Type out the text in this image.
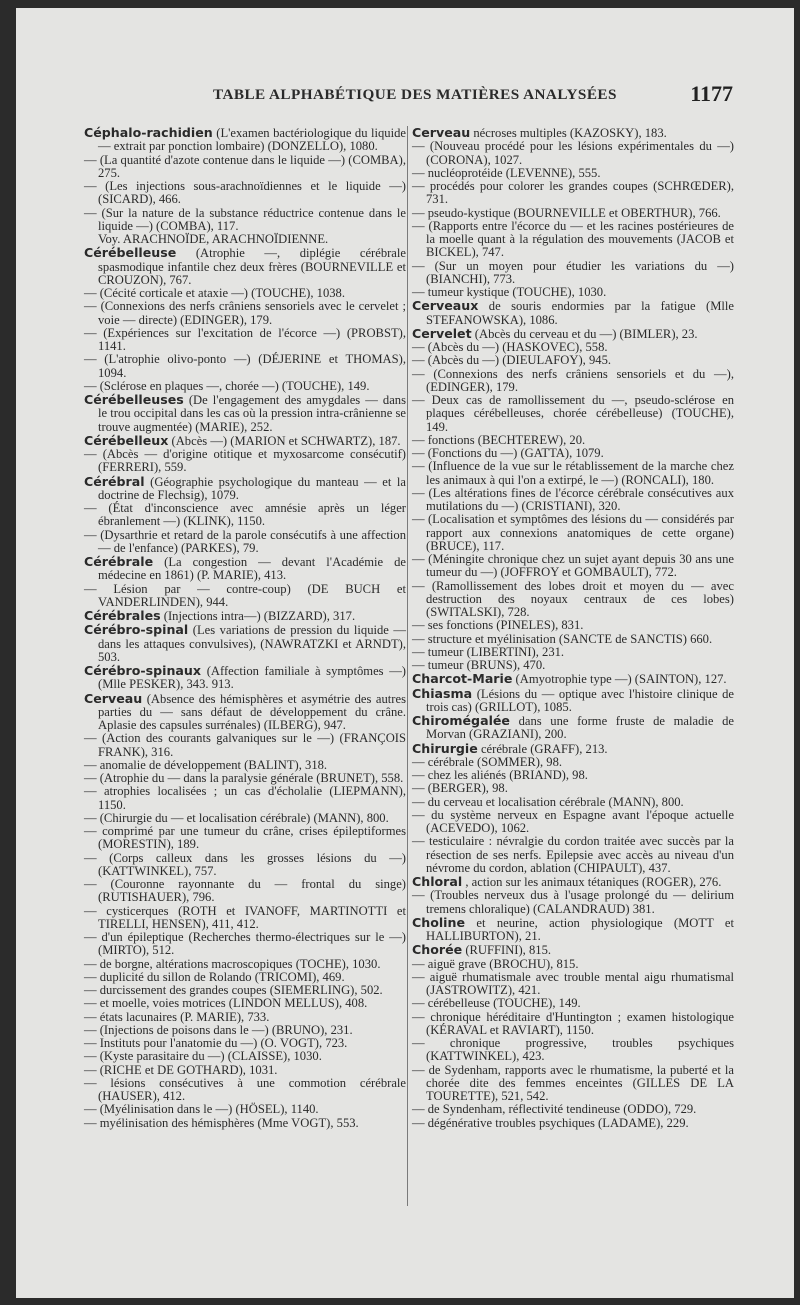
TABLE ALPHABÉTIQUE DES MATIÈRES ANALYSÉES	1177
Céphalo-rachidien (L'examen bactériologique du liquide — extrait par ponction lombaire) (DONZELLO), 1080.
— (La quantité d'azote contenue dans le liquide —) (COMBA), 275.
— (Les injections sous-arachnoïdiennes et le liquide —) (SICARD), 466.
— (Sur la nature de la substance réductrice contenue dans le liquide —) (COMBA), 117.
Voy. ARACHNOÏDE, ARACHNOÏDIENNE.
Cérébelleuse (Atrophie —, diplégie cérébrale spasmodique infantile chez deux frères (BOURNEVILLE et CROUZON), 767.
— (Cécité corticale et ataxie —) (TOUCHE), 1038.
— (Connexions des nerfs crâniens sensoriels avec le cervelet ; voie — directe) (EDINGER), 179.
— (Expériences sur l'excitation de l'écorce —) (PROBST), 1141.
— (L'atrophie olivo-ponto —) (DÉJERINE et THOMAS), 1094.
— (Sclérose en plaques —, chorée —) (TOUCHE), 149.
Cérébelleuses (De l'engagement des amygdales — dans le trou occipital dans les cas où la pression intra-crânienne se trouve augmentée) (MARIE), 252.
Cérébelleux (Abcès —) (MARION et SCHWARTZ), 187.
— (Abcès — d'origine otitique et myxosarcome consécutif) (FERRERI), 559.
Cérébral (Géographie psychologique du manteau — et la doctrine de Flechsig), 1079.
— (État d'inconscience avec amnésie après un léger ébranlement —) (KLINK), 1150.
— (Dysarthrie et retard de la parole consécutifs à une affection — de l'enfance) (PARKES), 79.
Cérébrale (La congestion — devant l'Académie de médecine en 1861) (P. MARIE), 413.
— Lésion par — contre-coup) (DE BUCH et VANDERLINDEN), 944.
Cérébrales (Injections intra—) (BIZZARD), 317.
Cérébro-spinal (Les variations de pression du liquide — dans les attaques convulsives), (NAWRATZKI et ARNDT), 503.
Cérébro-spinaux (Affection familiale à symptômes —) (Mlle PESKER), 343. 913.
Cerveau (Absence des hémisphères et asymétrie des autres parties du — sans défaut de développement du crâne. Aplasie des capsules surrénales) (ILBERG), 947.
— (Action des courants galvaniques sur le —) (FRANÇOIS FRANK), 316.
— anomalie de développement (BALINT), 318.
— (Atrophie du — dans la paralysie générale (BRUNET), 558.
— atrophies localisées ; un cas d'écholalie (LIEPMANN), 1150.
— (Chirurgie du — et localisation cérébrale) (MANN), 800.
— comprimé par une tumeur du crâne, crises épileptiformes (MORESTIN), 189.
— (Corps calleux dans les grosses lésions du —) (KATTWINKEL), 757.
— (Couronne rayonnante du — frontal du singe) (RUTISHAUER), 796.
— cysticerques (ROTH et IVANOFF, MARTINOTTI et TIRELLI, HENSEN), 411, 412.
— d'un épileptique (Recherches thermo-électriques sur le —) (MIRTO), 512.
— de borgne, altérations macroscopiques (TOCHE), 1030.
— duplicité du sillon de Rolando (TRICOMI), 469.
— durcissement des grandes coupes (SIEMERLING), 502.
— et moelle, voies motrices (LINDON MELLUS), 408.
— états lacunaires (P. MARIE), 733.
— (Injections de poisons dans le —) (BRUNO), 231.
— Instituts pour l'anatomie du —) (O. VOGT), 723.
— (Kyste parasitaire du —) (CLAISSE), 1030.
— (RICHE et DE GOTHARD), 1031.
— lésions consécutives à une commotion cérébrale (HAUSER), 412.
— (Myélinisation dans le —) (HÖSEL), 1140.
— myélinisation des hémisphères (Mme VOGT), 553.
Cerveau nécroses multiples (KAZOSKY), 183.
— (Nouveau procédé pour les lésions expérimentales du —) (CORONA), 1027.
— nucléoprotéide (LEVENNE), 555.
— procédés pour colorer les grandes coupes (SCHRŒDER), 731.
— pseudo-kystique (BOURNEVILLE et OBERTHUR), 766.
— (Rapports entre l'écorce du — et les racines postérieures de la moelle quant à la régulation des mouvements (JACOB et BICKEL), 747.
— (Sur un moyen pour étudier les variations du —) (BIANCHI), 773.
— tumeur kystique (TOUCHE), 1030.
Cerveaux de souris endormies par la fatigue (Mlle STEFANOWSKA), 1086.
Cervelet (Abcès du cerveau et du —) (BIMLER), 23.
— (Abcès du —) (HASKOVEC), 558.
— (Abcès du —) (DIEULAFOY), 945.
— (Connexions des nerfs crâniens sensoriels et du —), (EDINGER), 179.
— Deux cas de ramollissement du —, pseudo-sclérose en plaques cérébelleuses, chorée cérébelleuse) (TOUCHE), 149.
— fonctions (BECHTEREW), 20.
— (Fonctions du —) (GATTA), 1079.
— (Influence de la vue sur le rétablissement de la marche chez les animaux à qui l'on a extirpé, le —) (RONCALI), 180.
— (Les altérations fines de l'écorce cérébrale consécutives aux mutilations du —) (CRISTIANI), 320.
— (Localisation et symptômes des lésions du — considérés par rapport aux connexions anatomiques de cette organe) (BRUCE), 117.
— (Méningite chronique chez un sujet ayant depuis 30 ans une tumeur du —) (JOFFROY et GOMBAULT), 772.
— (Ramollissement des lobes droit et moyen du — avec destruction des noyaux centraux de ces lobes) (SWITALSKI), 728.
— ses fonctions (PINELES), 831.
— structure et myélinisation (SANCTE de SANCTIS) 660.
— tumeur (LIBERTINI), 231.
— tumeur (BRUNS), 470.
Charcot-Marie (Amyotrophie type —) (SAINTON), 127.
Chiasma (Lésions du — optique avec l'histoire clinique de trois cas) (GRILLOT), 1085.
Chiromégalée dans une forme fruste de maladie de Morvan (GRAZIANI), 200.
Chirurgie cérébrale (GRAFF), 213.
— cérébrale (SOMMER), 98.
— chez les aliénés (BRIAND), 98.
— (BERGER), 98.
— du cerveau et localisation cérébrale (MANN), 800.
— du système nerveux en Espagne avant l'époque actuelle (ACEVEDO), 1062.
— testiculaire : névralgie du cordon traitée avec succès par la résection de ses nerfs. Epilepsie avec accès au niveau d'un névrome du cordon, ablation (CHIPAULT), 437.
Chloral , action sur les animaux tétaniques (ROGER), 276.
— (Troubles nerveux dus à l'usage prolongé du — delirium tremens chloralique) (CALANDRAUD) 381.
Choline et neurine, action physiologique (MOTT et HALLIBURTON), 21.
Chorée (RUFFINI), 815.
— aiguë grave (BROCHU), 815.
— aiguë rhumatismale avec trouble mental aigu rhumatismal (JASTROWITZ), 421.
— cérébelleuse (TOUCHE), 149.
— chronique héréditaire d'Huntington ; examen histologique (KÉRAVAL et RAVIART), 1150.
— chronique progressive, troubles psychiques (KATTWINKEL), 423.
— de Sydenham, rapports avec le rhumatisme, la puberté et la chorée dite des femmes enceintes (GILLES DE LA TOURETTE), 521, 542.
— de Syndenham, réflectivité tendineuse (ODDO), 729.
— dégénérative troubles psychiques (LADAME), 229.
